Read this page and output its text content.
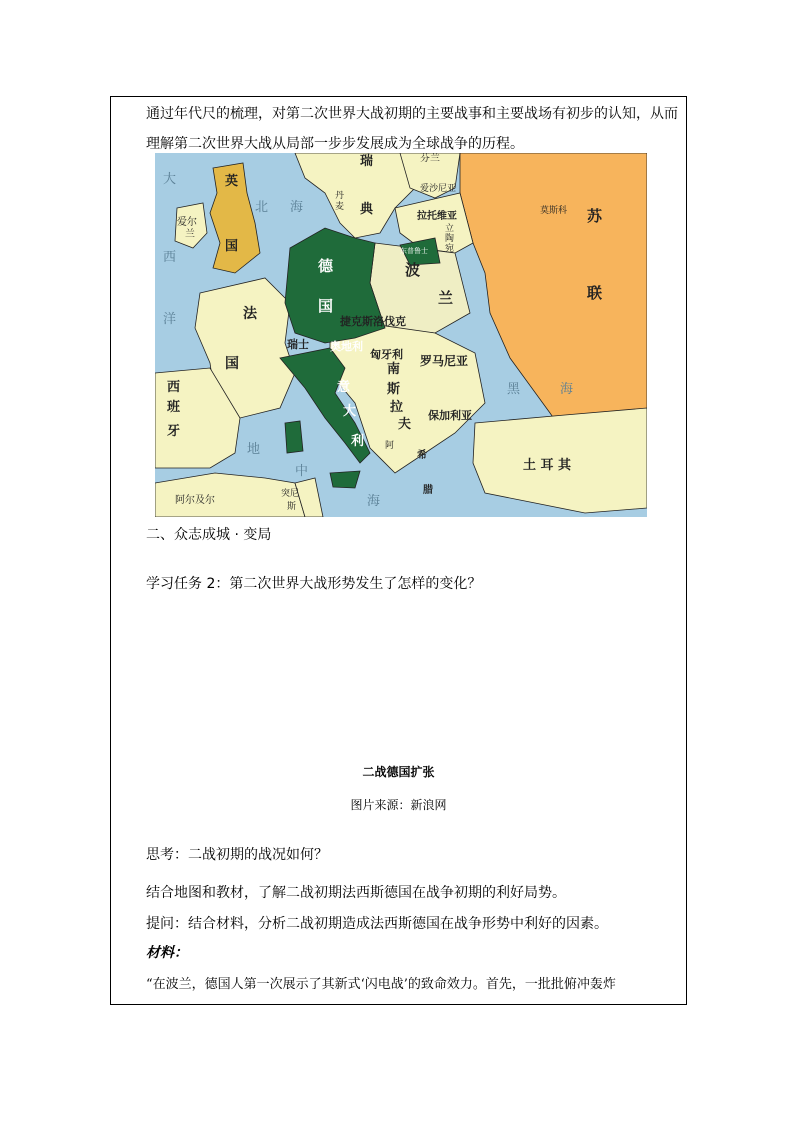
通过年代尺的梳理，对第二次世界大战初期的主要战事和主要战场有初步的认知，从而
理解第二次世界大战从局部一步步发展成为全球战争的历程。
英
国
爱尔
兰
北 海
大
西
洋
瑞
典
丹
麦
芬兰
爱沙尼亚
拉托维亚
立
陶
宛
莫斯科 苏
联
德
国
东普鲁士
波
兰
法
国
捷克斯洛伐克
瑞士 奥地利
匈牙利 罗马尼亚
南
斯
拉
夫
保加利亚
意
大
利
西
班
牙
黑	海
土 耳 其
希
腊
地
中
海
阿尔及尔
突尼
斯
阿
二、众志成城 · 变局
学习任务 2：第二次世界大战形势发生了怎样的变化？
二战德国扩张
图片来源：新浪网
思考：二战初期的战况如何？
结合地图和教材，了解二战初期法西斯德国在战争初期的利好局势。
提问：结合材料，分析二战初期造成法西斯德国在战争形势中利好的因素。
材料：
“在波兰，德国人第一次展示了其新式‘闪电战’的致命效力。首先，一批批俯冲轰炸
